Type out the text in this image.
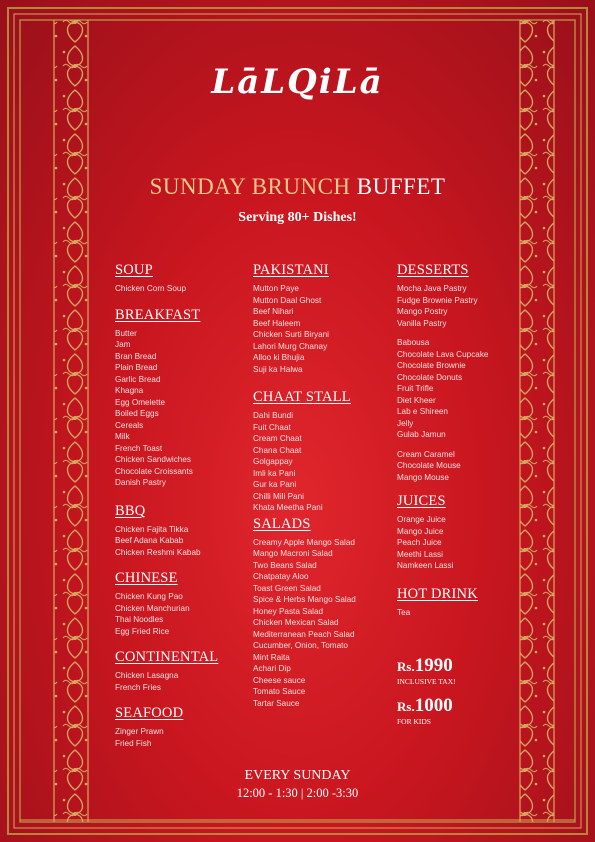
LāLQiLā
SUNDAY BRUNCH BUFFET
Serving 80+ Dishes!
SOUP
Chicken Corn Soup
BREAKFAST
Butter
Jam
Bran Bread
Plain Bread
Garlic Bread
Khagna
Egg Omelette
Boiled Eggs
Cereals
Milk
French Toast
Chicken Sandwiches
Chocolate Croissants
Danish Pastry
BBQ
Chicken Fajita Tikka
Beef Adana Kabab
Chicken Reshmi Kabab
CHINESE
Chicken Kung Pao
Chicken Manchurian
Thai Noodles
Egg Fried Rice
CONTINENTAL
Chicken Lasagna
French Fries
SEAFOOD
Zinger Prawn
Fried Fish
PAKISTANI
Mutton Paye
Mutton Daal Ghost
Beef Nihari
Beef Haleem
Chicken Surti Biryani
Lahori Murg Chanay
Alloo ki Bhujia
Suji ka Halwa
CHAAT STALL
Dahi Bundi
Fuit Chaat
Cream Chaat
Chana Chaat
Golgappay
Imli ka Pani
Gur ka Pani
Chilli Mili Pani
Khata Meetha Pani
SALADS
Creamy Apple Mango Salad
Mango Macroni Salad
Two Beans Salad
Chatpatay Aloo
Toast Green Salad
Spice & Herbs Mango Salad
Honey Pasta Salad
Chicken Mexican Salad
Mediterranean Peach Salad
Cucumber, Onion, Tomato
Mint Raita
Achari Dip
Cheese sauce
Tomato Sauce
Tartar Sauce
DESSERTS
Mocha Java Pastry
Fudge Brownie Pastry
Mango Postry
Vanilla Pastry
Babousa
Chocolate Lava Cupcake
Chocolate Brownie
Chocolate Donuts
Fruit Trifle
Diet Kheer
Lab e Shireen
Jelly
Gulab Jamun
Cream Caramel
Chocolate Mouse
Mango Mouse
JUICES
Orange Juice
Mango Juice
Peach Juice
Meethi Lassi
Namkeen Lassi
HOT DRINK
Tea
Rs.1990
INCLUSIVE TAX!
Rs.1000
FOR KIDS
EVERY SUNDAY
12:00 - 1:30 | 2:00 -3:30
